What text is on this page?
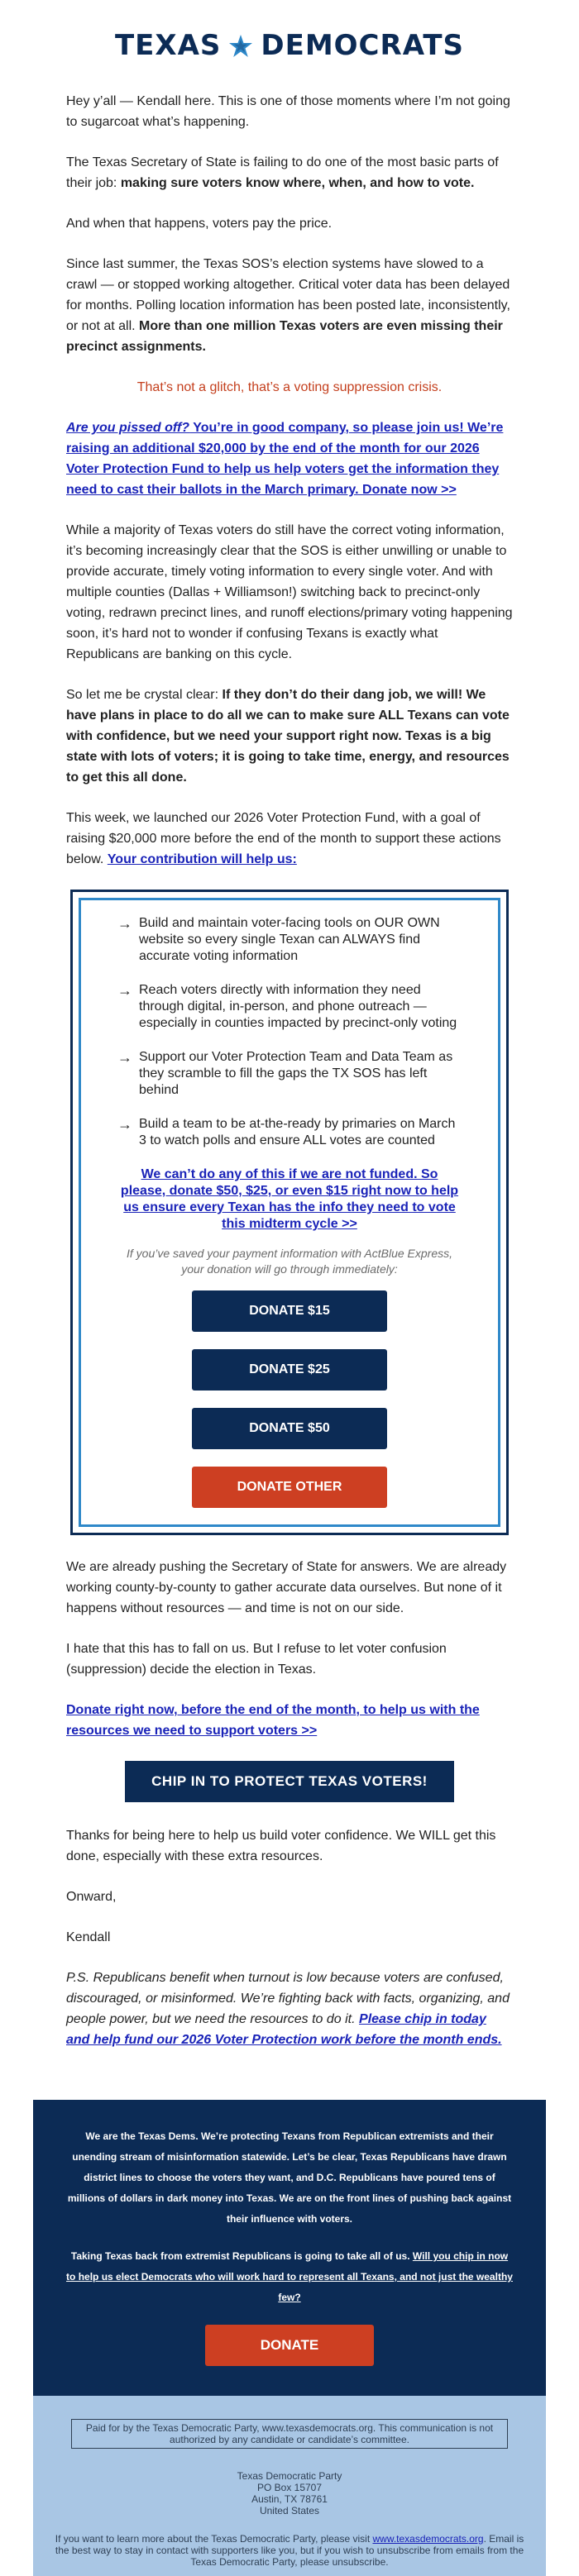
TEXAS DEMOCRATS

Hey y’all — Kendall here. This is one of those moments where I’m not going to sugarcoat what’s happening.

The Texas Secretary of State is failing to do one of the most basic parts of their job: making sure voters know where, when, and how to vote.

And when that happens, voters pay the price.

Since last summer, the Texas SOS’s election systems have slowed to a crawl — or stopped working altogether. Critical voter data has been delayed for months. Polling location information has been posted late, inconsistently, or not at all. More than one million Texas voters are even missing their precinct assignments.

That’s not a glitch, that’s a voting suppression crisis.

Are you pissed off? You’re in good company, so please join us! We’re raising an additional $20,000 by the end of the month for our 2026 Voter Protection Fund to help us help voters get the information they need to cast their ballots in the March primary. Donate now >>

While a majority of Texas voters do still have the correct voting information, it’s becoming increasingly clear that the SOS is either unwilling or unable to provide accurate, timely voting information to every single voter. And with multiple counties (Dallas + Williamson!) switching back to precinct-only voting, redrawn precinct lines, and runoff elections/primary voting happening soon, it’s hard not to wonder if confusing Texans is exactly what Republicans are banking on this cycle.

So let me be crystal clear: If they don’t do their dang job, we will! We have plans in place to do all we can to make sure ALL Texans can vote with confidence, but we need your support right now. Texas is a big state with lots of voters; it is going to take time, energy, and resources to get this all done.

This week, we launched our 2026 Voter Protection Fund, with a goal of raising $20,000 more before the end of the month to support these actions below. Your contribution will help us:

→ Build and maintain voter-facing tools on OUR OWN website so every single Texan can ALWAYS find accurate voting information
→ Reach voters directly with information they need through digital, in-person, and phone outreach — especially in counties impacted by precinct-only voting
→ Support our Voter Protection Team and Data Team as they scramble to fill the gaps the TX SOS has left behind
→ Build a team to be at-the-ready by primaries on March 3 to watch polls and ensure ALL votes are counted
We can’t do any of this if we are not funded. So please, donate $50, $25, or even $15 right now to help us ensure every Texan has the info they need to vote this midterm cycle >>
If you’ve saved your payment information with ActBlue Express, your donation will go through immediately:
DONATE $15
DONATE $25
DONATE $50
DONATE OTHER

We are already pushing the Secretary of State for answers. We are already working county-by-county to gather accurate data ourselves. But none of it happens without resources — and time is not on our side.

I hate that this has to fall on us. But I refuse to let voter confusion (suppression) decide the election in Texas.

Donate right now, before the end of the month, to help us with the resources we need to support voters >>

CHIP IN TO PROTECT TEXAS VOTERS!

Thanks for being here to help us build voter confidence. We WILL get this done, especially with these extra resources.

Onward,

Kendall

P.S. Republicans benefit when turnout is low because voters are confused, discouraged, or misinformed. We’re fighting back with facts, organizing, and people power, but we need the resources to do it. Please chip in today and help fund our 2026 Voter Protection work before the month ends.

We are the Texas Dems. We’re protecting Texans from Republican extremists and their unending stream of misinformation statewide. Let’s be clear, Texas Republicans have drawn district lines to choose the voters they want, and D.C. Republicans have poured tens of millions of dollars in dark money into Texas. We are on the front lines of pushing back against their influence with voters.

Taking Texas back from extremist Republicans is going to take all of us. Will you chip in now to help us elect Democrats who will work hard to represent all Texans, and not just the wealthy few?

DONATE
Paid for by the Texas Democratic Party, www.texasdemocrats.org. This communication is not authorized by any candidate or candidate’s committee.
Texas Democratic Party
PO Box 15707
Austin, TX 78761
United States
If you want to learn more about the Texas Democratic Party, please visit www.texasdemocrats.org. Email is the best way to stay in contact with supporters like you, but if you wish to unsubscribe from emails from the Texas Democratic Party, please unsubscribe.
